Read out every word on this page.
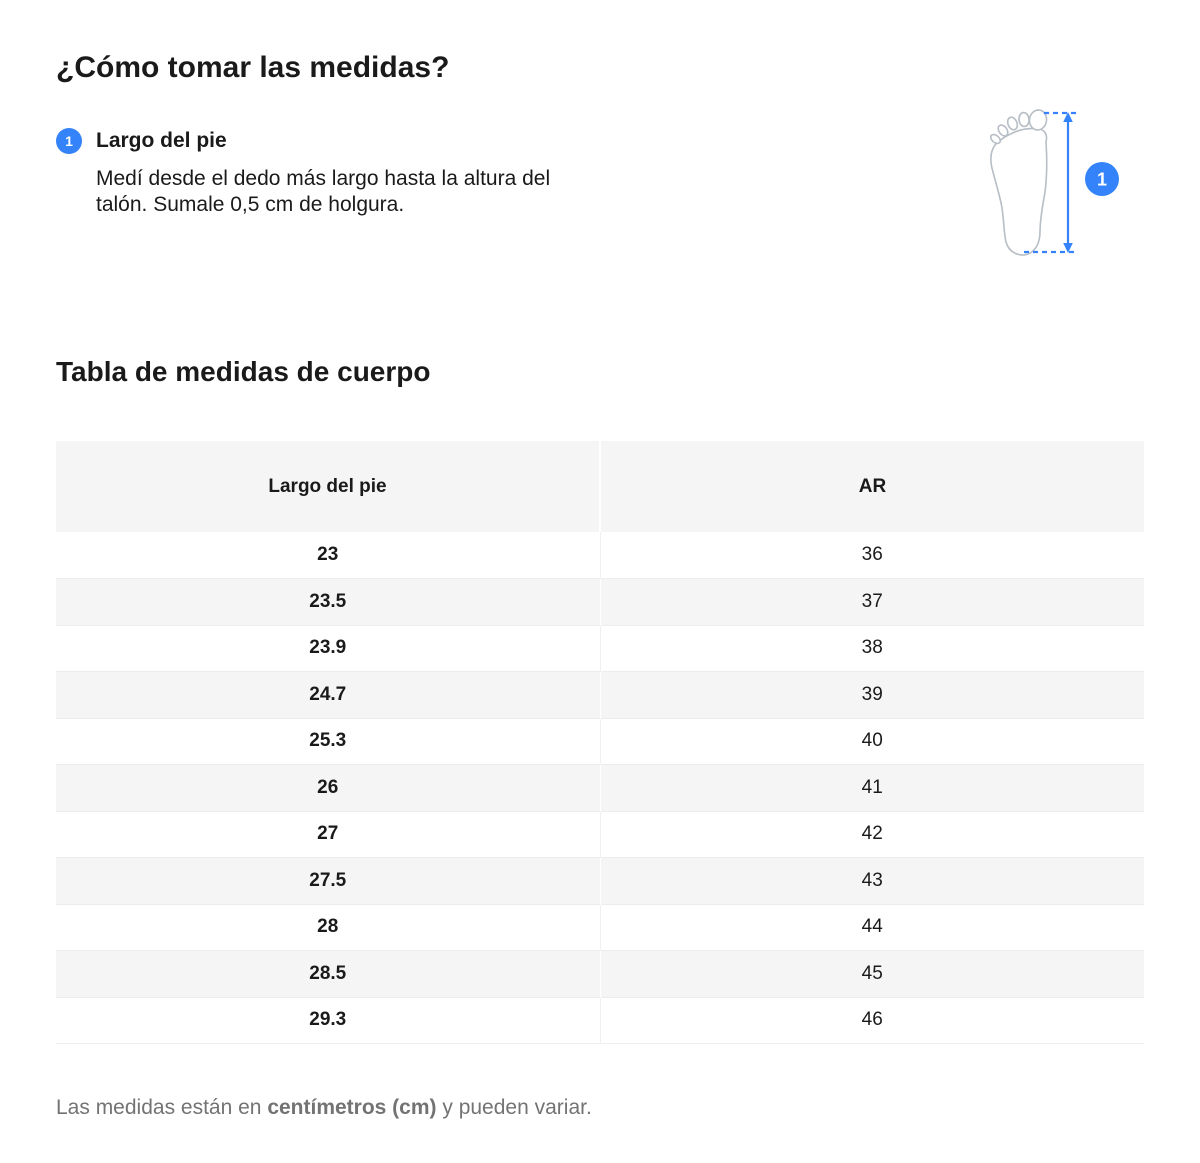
¿Cómo tomar las medidas?
1	Largo del pie

Medí desde el dedo más largo hasta la altura del talón. Sumale 0,5 cm de holgura.

1
Tabla de medidas de cuerpo
Largo del pie	AR
23	36
23.5	37
23.9	38
24.7	39
25.3	40
26	41
27	42
27.5	43
28	44
28.5	45
29.3	46

Las medidas están en centímetros (cm) y pueden variar.
